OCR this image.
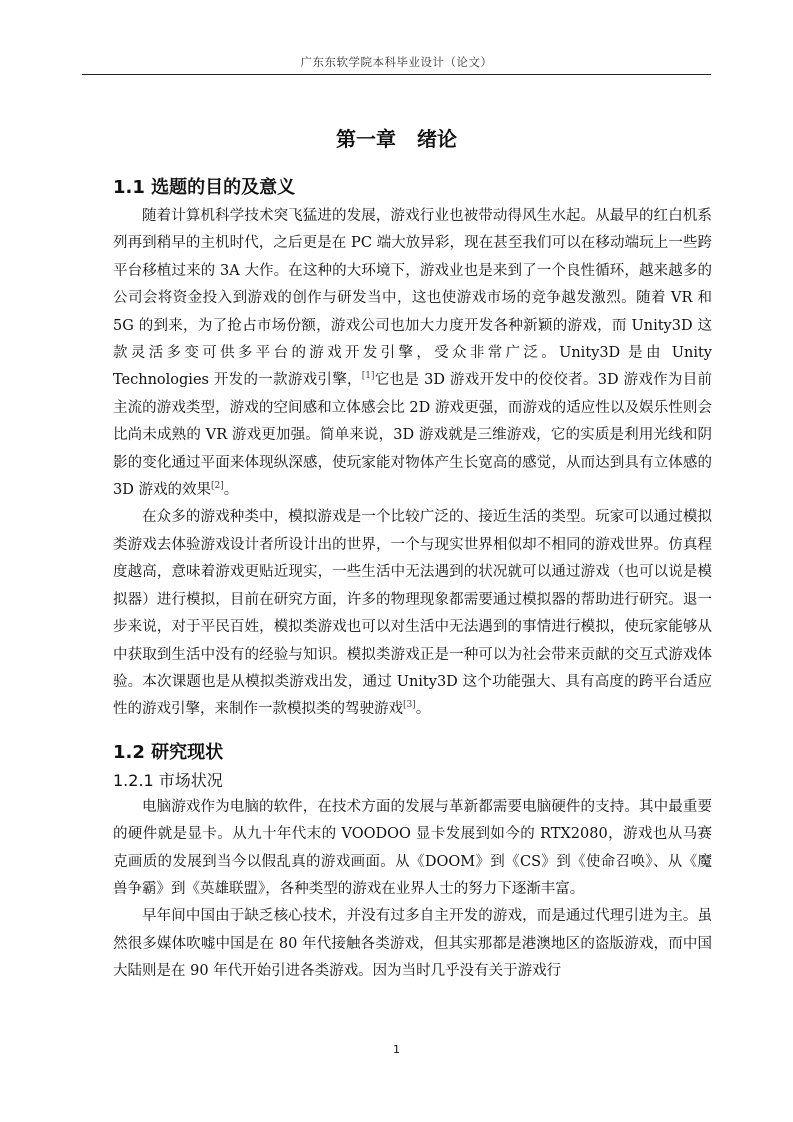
广东东软学院本科毕业设计（论文）
第一章 绪论
1.1 选题的目的及意义

随着计算机科学技术突飞猛进的发展，游戏行业也被带动得风生水起。从最早的红白机系列再到稍早的主机时代，之后更是在 PC 端大放异彩，现在甚至我们可以在移动端玩上一些跨平台移植过来的 3A 大作。在这种的大环境下，游戏业也是来到了一个良性循环，越来越多的公司会将资金投入到游戏的创作与研发当中，这也使游戏市场的竞争越发激烈。随着 VR 和 5G 的到来，为了抢占市场份额，游戏公司也加大力度开发各种新颖的游戏，而 Unity3D 这款灵活多变可供多平台的游戏开发引擎，受众非常广泛。Unity3D 是由 Unity Technologies 开发的一款游戏引擎，[1]它也是 3D 游戏开发中的佼佼者。3D 游戏作为目前主流的游戏类型，游戏的空间感和立体感会比 2D 游戏更强，而游戏的适应性以及娱乐性则会比尚未成熟的 VR 游戏更加强。简单来说，3D 游戏就是三维游戏，它的实质是利用光线和阴影的变化通过平面来体现纵深感，使玩家能对物体产生长宽高的感觉，从而达到具有立体感的 3D 游戏的效果[2]。

在众多的游戏种类中，模拟游戏是一个比较广泛的、接近生活的类型。玩家可以通过模拟类游戏去体验游戏设计者所设计出的世界，一个与现实世界相似却不相同的游戏世界。仿真程度越高，意味着游戏更贴近现实，一些生活中无法遇到的状况就可以通过游戏（也可以说是模拟器）进行模拟，目前在研究方面，许多的物理现象都需要通过模拟器的帮助进行研究。退一步来说，对于平民百姓，模拟类游戏也可以对生活中无法遇到的事情进行模拟，使玩家能够从中获取到生活中没有的经验与知识。模拟类游戏正是一种可以为社会带来贡献的交互式游戏体验。本次课题也是从模拟类游戏出发，通过 Unity3D 这个功能强大、具有高度的跨平台适应性的游戏引擎，来制作一款模拟类的驾驶游戏[3]。

1.2 研究现状
1.2.1 市场状况

电脑游戏作为电脑的软件，在技术方面的发展与革新都需要电脑硬件的支持。其中最重要的硬件就是显卡。从九十年代末的 VOODOO 显卡发展到如今的 RTX2080，游戏也从马赛克画质的发展到当今以假乱真的游戏画面。从《DOOM》到《CS》到《使命召唤》、从《魔兽争霸》到《英雄联盟》，各种类型的游戏在业界人士的努力下逐渐丰富。

早年间中国由于缺乏核心技术，并没有过多自主开发的游戏，而是通过代理引进为主。虽然很多媒体吹嘘中国是在 80 年代接触各类游戏，但其实那都是港澳地区的盗版游戏，而中国大陆则是在 90 年代开始引进各类游戏。因为当时几乎没有关于游戏行

1
